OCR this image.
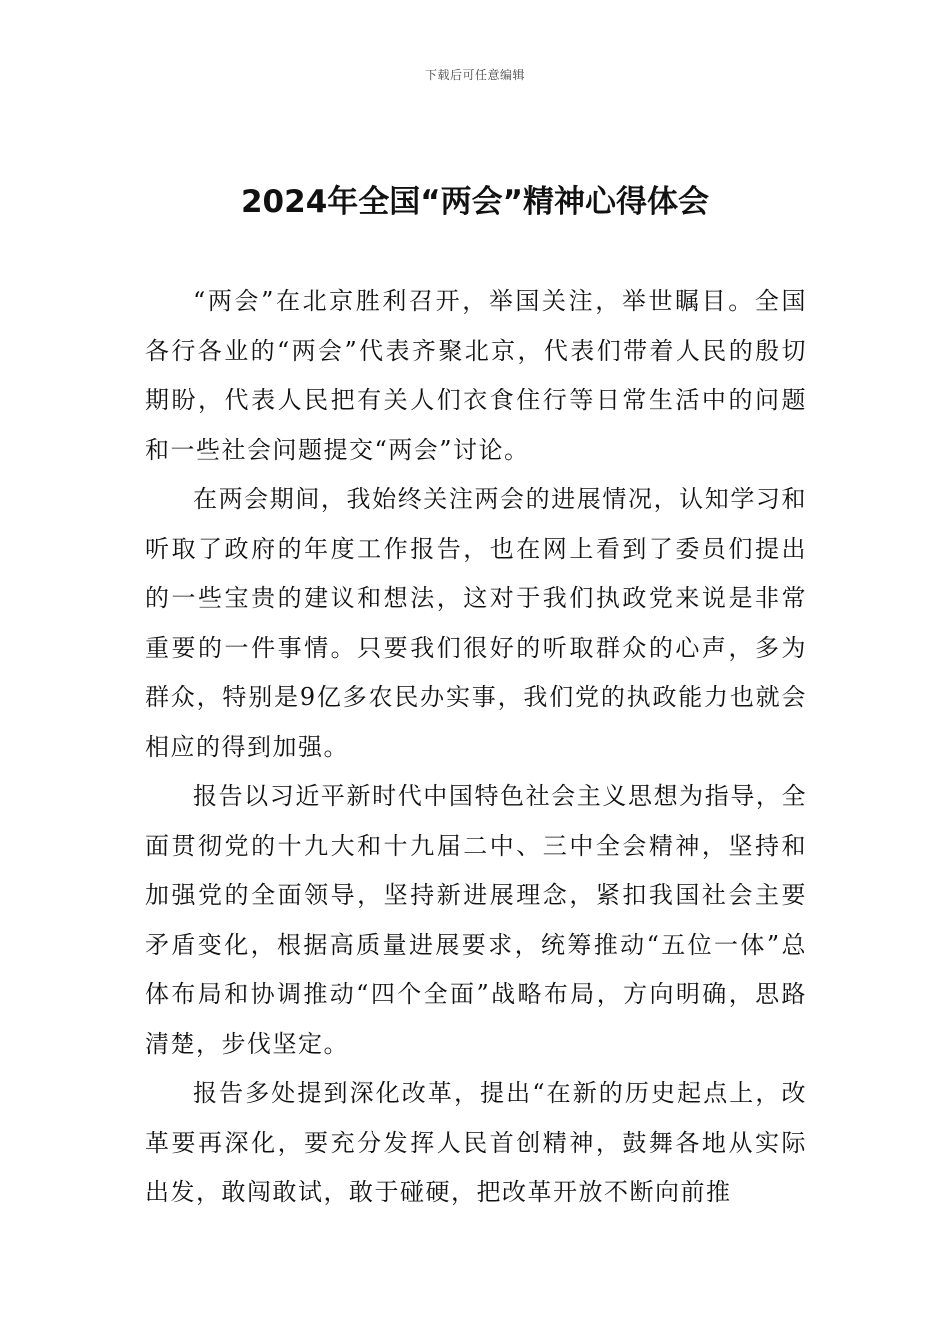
下载后可任意编辑
2024年全国“两会”精神心得体会

“两会”在北京胜利召开，举国关注，举世瞩目。全国各行各业的“两会”代表齐聚北京，代表们带着人民的殷切期盼，代表人民把有关人们衣食住行等日常生活中的问题和一些社会问题提交“两会”讨论。

在两会期间，我始终关注两会的进展情况，认知学习和听取了政府的年度工作报告，也在网上看到了委员们提出的一些宝贵的建议和想法，这对于我们执政党来说是非常重要的一件事情。只要我们很好的听取群众的心声，多为群众，特别是9亿多农民办实事，我们党的执政能力也就会相应的得到加强。

报告以习近平新时代中国特色社会主义思想为指导，全面贯彻党的十九大和十九届二中、三中全会精神，坚持和加强党的全面领导，坚持新进展理念，紧扣我国社会主要矛盾变化，根据高质量进展要求，统筹推动“五位一体”总体布局和协调推动“四个全面”战略布局，方向明确，思路清楚，步伐坚定。

报告多处提到深化改革，提出“在新的历史起点上，改革要再深化，要充分发挥人民首创精神，鼓舞各地从实际出发，敢闯敢试，敢于碰硬，把改革开放不断向前推
